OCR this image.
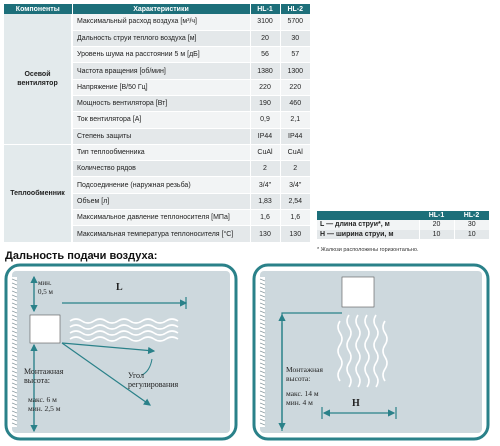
Компоненты	Характеристики	HL-1	HL-2
Осевой вентилятор	Максимальный расход воздуха [м³/ч]	3100	5700
	Дальность струи теплого воздуха [м]	20	30
	Уровень шума на расстоянии 5 м [дБ]	56	57
	Частота вращения [об/мин]	1380	1300
	Напряжение [В/50 Гц]	220	220
	Мощность вентилятора [Вт]	190	460
	Ток вентилятора [А]	0,9	2,1
	Степень защиты	IP44	IP44
Теплообменник	Тип теплообменника	CuAl	CuAl
	Количество рядов	2	2
	Подсоединение (наружная резьба)	3/4"	3/4"
	Объем [л]	1,83	2,54
	Максимальное давление теплоносителя [МПа]	1,6	1,6
	Максимальная температура теплоносителя [°С]	130	130
	HL-1	HL-2
L — длина струи*, м	20	30
H — ширина струи, м	10	10
* Жалюзи расположены горизонтально.
Дальность подачи воздуха:
мин.
0,5 м	L
Монтажная
высота:
макс. 6 м
мин. 2,5 м
Угол
регулирования
Монтажная
высота:
макс. 14 м
мин. 4 м	H
